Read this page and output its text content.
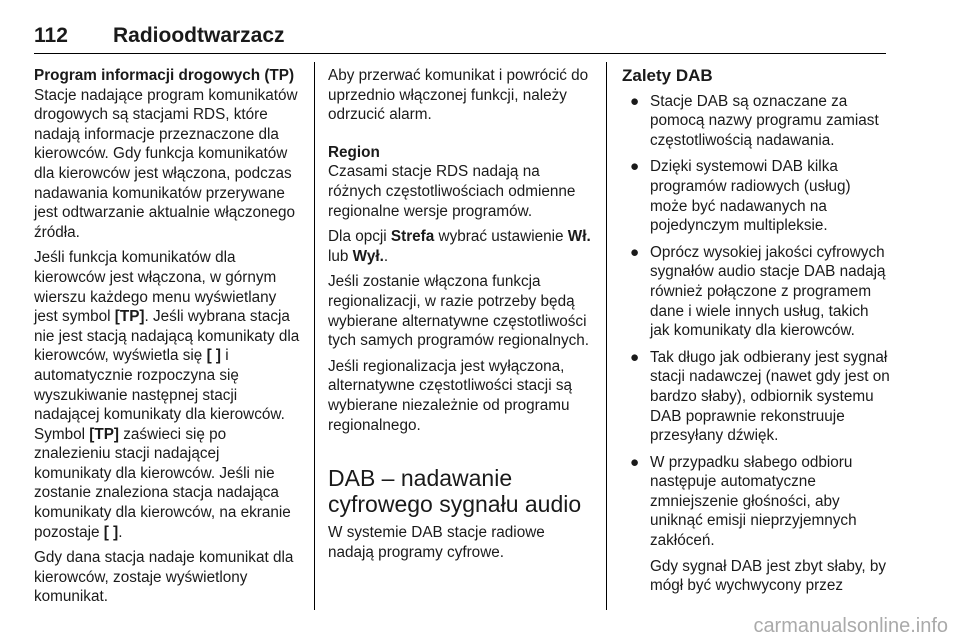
112 Radioodtwarzacz

Program informacji drogowych (TP)

Stacje nadające program komunikatów drogowych są stacjami RDS, które nadają informacje przeznaczone dla kierowców. Gdy funkcja komunikatów dla kierowców jest włączona, podczas nadawania komunikatów przerywane jest odtwarzanie aktualnie włączonego źródła.

Jeśli funkcja komunikatów dla kierowców jest włączona, w górnym wierszu każdego menu wyświetlany jest symbol [TP]. Jeśli wybrana stacja nie jest stacją nadającą komunikaty dla kierowców, wyświetla się [ ] i automatycznie rozpoczyna się wyszukiwanie następnej stacji nadającej komunikaty dla kierowców. Symbol [TP] zaświeci się po znalezieniu stacji nadającej komunikaty dla kierowców. Jeśli nie zostanie znaleziona stacja nadająca komunikaty dla kierowców, na ekranie pozostaje [ ].

Gdy dana stacja nadaje komunikat dla kierowców, zostaje wyświetlony komunikat.

Aby przerwać komunikat i powrócić do uprzednio włączonej funkcji, należy odrzucić alarm.

Region

Czasami stacje RDS nadają na różnych częstotliwościach odmienne regionalne wersje programów.

Dla opcji Strefa wybrać ustawienie Wł. lub Wył..

Jeśli zostanie włączona funkcja regionalizacji, w razie potrzeby będą wybierane alternatywne częstotliwości tych samych programów regionalnych.

Jeśli regionalizacja jest wyłączona, alternatywne częstotliwości stacji są wybierane niezależnie od programu regionalnego.

DAB – nadawanie
cyfrowego sygnału audio

W systemie DAB stacje radiowe nadają programy cyfrowe.

Zalety DAB

● Stacje DAB są oznaczane za pomocą nazwy programu zamiast częstotliwością nadawania.
● Dzięki systemowi DAB kilka programów radiowych (usług) może być nadawanych na pojedynczym multipleksie.
● Oprócz wysokiej jakości cyfrowych sygnałów audio stacje DAB nadają również połączone z programem dane i wiele innych usług, takich jak komunikaty dla kierowców.
● Tak długo jak odbierany jest sygnał stacji nadawczej (nawet gdy jest on bardzo słaby), odbiornik systemu DAB poprawnie rekonstruuje przesyłany dźwięk.
● W przypadku słabego odbioru następuje automatyczne zmniejszenie głośności, aby uniknąć emisji nieprzyjemnych zakłóceń.
Gdy sygnał DAB jest zbyt słaby, by mógł być wychwycony przez
carmanualsonline.info
